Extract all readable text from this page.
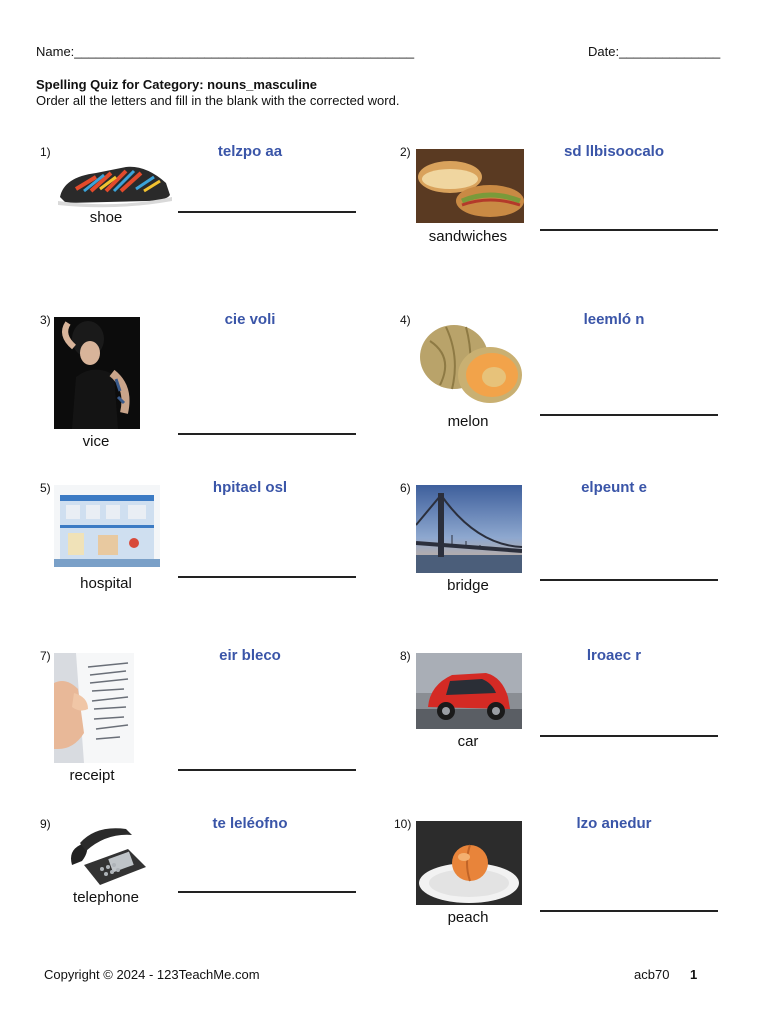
Name:_______________________________________________	Date:______________
Spelling Quiz for Category: nouns_masculine
Order all the letters and fill in the blank with the corrected word.
1)
shoe
telzpo aa	2)
sandwiches
sd llbisoocalo
3)
vice
cie voli	4)
melon
leemló n
5)
hospital
hpitael osl	6)
bridge
elpeunt e
7)
receipt
eir bleco	8)
car
lroaec r
9)
telephone
te leléofno	10)
peach
lzo anedur
Copyright © 2024 - 123TeachMe.com	acb70 1
